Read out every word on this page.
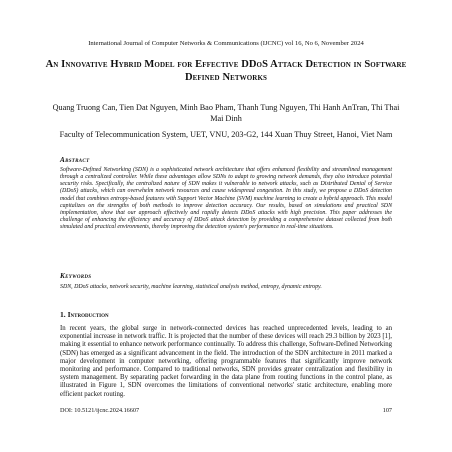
International Journal of Computer Networks & Communications (IJCNC) vol 16, No 6, November 2024
An Innovative Hybrid Model for Effective DDoS Attack Detection in Software Defined Networks
Quang Truong Can, Tien Dat Nguyen, Minh Bao Pham, Thanh Tung Nguyen, Thi Hanh AnTran, Thi Thai Mai Dinh
Faculty of Telecommunication System, UET, VNU, 203-G2, 144 Xuan Thuy Street, Hanoi, Viet Nam
Abstract

Software-Defined Networking (SDN) is a sophisticated network architecture that offers enhanced flexibility and streamlined management through a centralized controller. While these advantages allow SDNs to adapt to growing network demands, they also introduce potential security risks. Specifically, the centralized nature of SDN makes it vulnerable to network attacks, such as Distributed Denial of Service (DDoS) attacks, which can overwhelm network resources and cause widespread congestion. In this study, we propose a DDoS detection model that combines entropy-based features with Support Vector Machine (SVM) machine learning to create a hybrid approach. This model capitalizes on the strengths of both methods to improve detection accuracy. Our results, based on simulations and practical SDN implementation, show that our approach effectively and rapidly detects DDoS attacks with high precision. This paper addresses the challenge of enhancing the efficiency and accuracy of DDoS attack detection by providing a comprehensive dataset collected from both simulated and practical environments, thereby improving the detection system's performance in real-time situations.

Keywords

SDN, DDoS attacks, network security, machine learning, statistical analysis method, entropy, dynamic entropy.

1. Introduction

In recent years, the global surge in network-connected devices has reached unprecedented levels, leading to an exponential increase in network traffic. It is projected that the number of these devices will reach 29.3 billion by 2023 [1], making it essential to enhance network performance continually. To address this challenge, Software-Defined Networking (SDN) has emerged as a significant advancement in the field. The introduction of the SDN architecture in 2011 marked a major development in computer networking, offering programmable features that significantly improve network monitoring and performance. Compared to traditional networks, SDN provides greater centralization and flexibility in system management. By separating packet forwarding in the data plane from routing functions in the control plane, as illustrated in Figure 1, SDN overcomes the limitations of conventional networks' static architecture, enabling more efficient packet routing.

DOI: 10.5121/ijcnc.2024.16607	107
